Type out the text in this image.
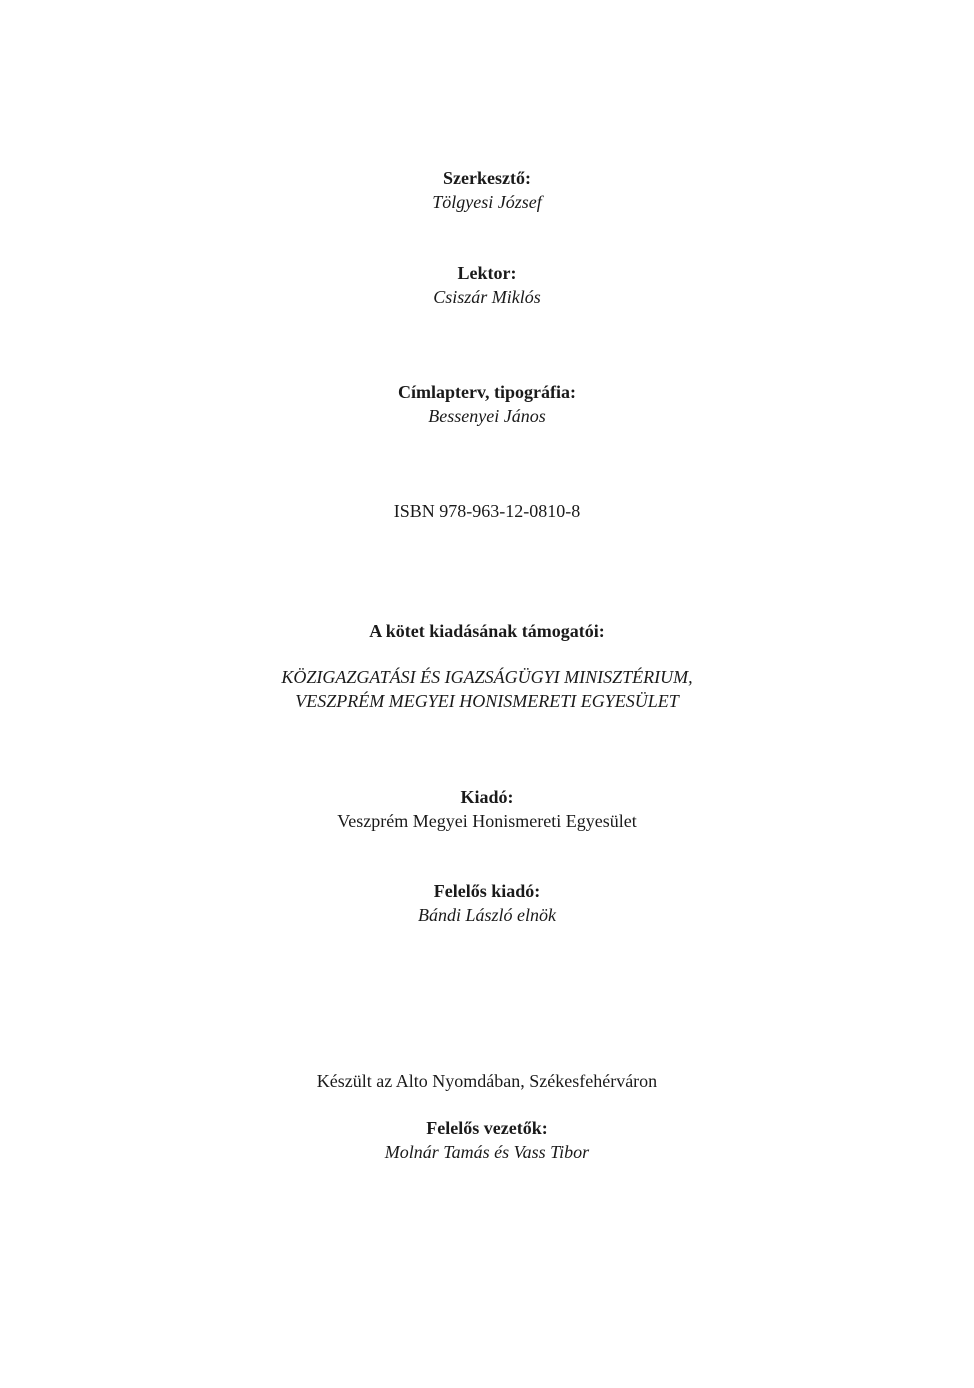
Szerkesztő:
Tölgyesi József
Lektor:
Csiszár Miklós
Címlapterv, tipográfia:
Bessenyei János
ISBN 978-963-12-0810-8
A kötet kiadásának támogatói:
KÖZIGAZGATÁSI ÉS IGAZSÁGÜGYI MINISZTÉRIUM,
VESZPRÉM MEGYEI HONISMERETI EGYESÜLET
Kiadó:
Veszprém Megyei Honismereti Egyesület
Felelős kiadó:
Bándi László elnök
Készült az Alto Nyomdában, Székesfehérváron
Felelős vezetők:
Molnár Tamás és Vass Tibor
